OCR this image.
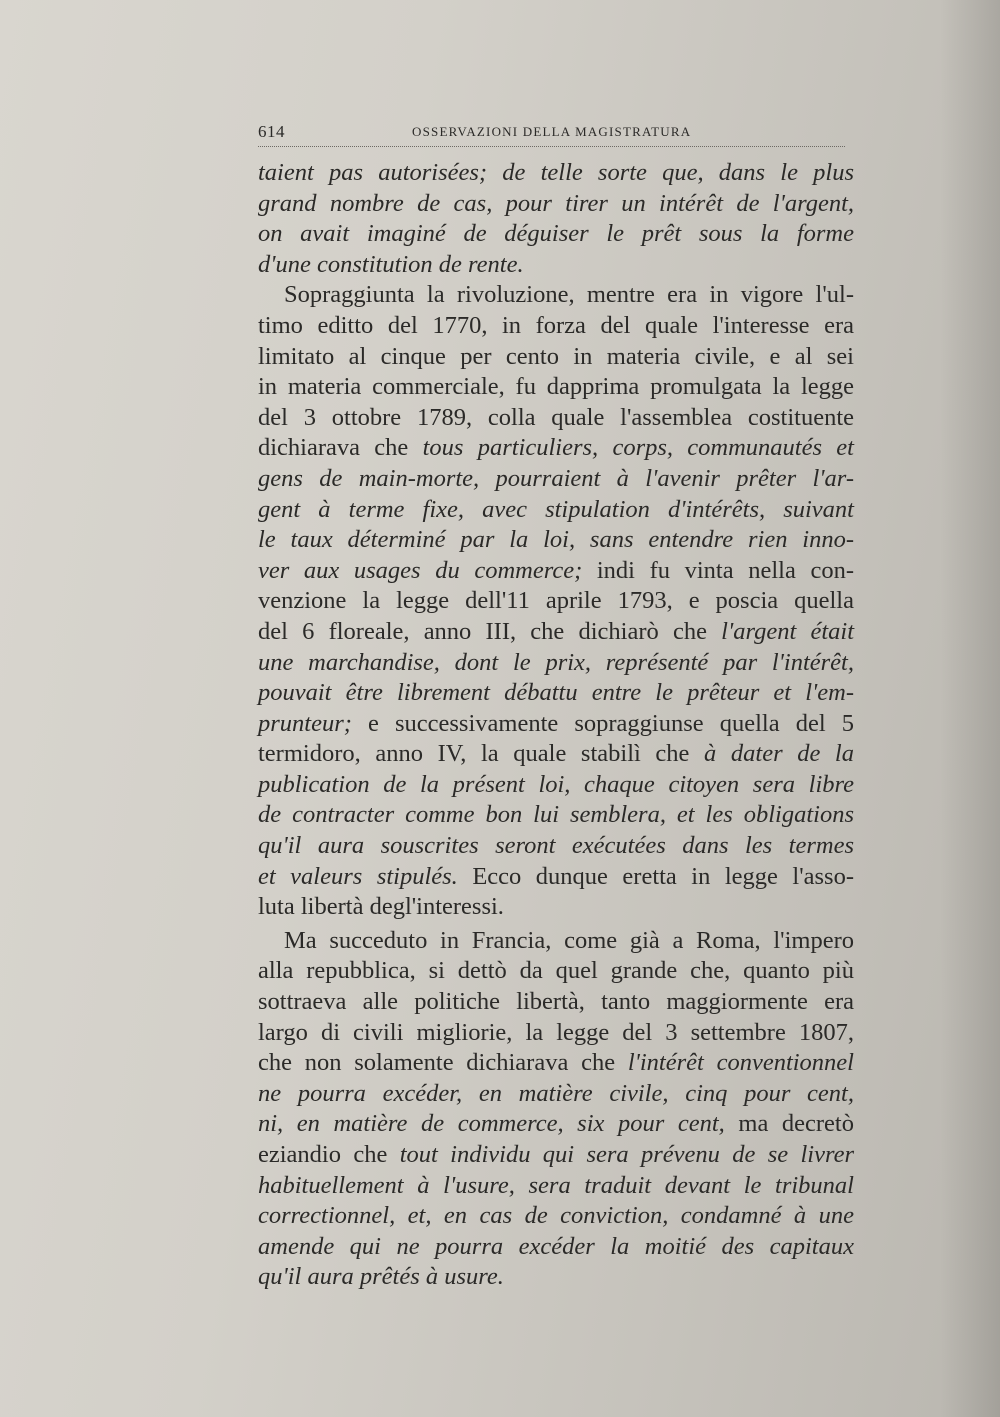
614	OSSERVAZIONI DELLA MAGISTRATURA
taient pas autorisées; de telle sorte que, dans le plus
grand nombre de cas, pour tirer un intérêt de l'argent,
on avait imaginé de déguiser le prêt sous la forme
d'une constitution de rente.
Sopraggiunta la rivoluzione, mentre era in vigore l'ul-
timo editto del 1770, in forza del quale l'interesse era
limitato al cinque per cento in materia civile, e al sei
in materia commerciale, fu dapprima promulgata la legge
del 3 ottobre 1789, colla quale l'assemblea costituente
dichiarava che tous particuliers, corps, communautés et
gens de main-morte, pourraient à l'avenir prêter l'ar-
gent à terme fixe, avec stipulation d'intérêts, suivant
le taux déterminé par la loi, sans entendre rien inno-
ver aux usages du commerce; indi fu vinta nella con-
venzione la legge dell'11 aprile 1793, e poscia quella
del 6 floreale, anno III, che dichiarò che l'argent était
une marchandise, dont le prix, représenté par l'intérêt,
pouvait être librement débattu entre le prêteur et l'em-
prunteur; e successivamente sopraggiunse quella del 5
termidoro, anno IV, la quale stabilì che à dater de la
publication de la présent loi, chaque citoyen sera libre
de contracter comme bon lui semblera, et les obligations
qu'il aura souscrites seront exécutées dans les termes
et valeurs stipulés. Ecco dunque eretta in legge l'asso-
luta libertà degl'interessi.
Ma succeduto in Francia, come già a Roma, l'impero
alla repubblica, si dettò da quel grande che, quanto più
sottraeva alle politiche libertà, tanto maggiormente era
largo di civili migliorie, la legge del 3 settembre 1807,
che non solamente dichiarava che l'intérêt conventionnel
ne pourra excéder, en matière civile, cinq pour cent,
ni, en matière de commerce, six pour cent, ma decretò
eziandio che tout individu qui sera prévenu de se livrer
habituellement à l'usure, sera traduit devant le tribunal
correctionnel, et, en cas de conviction, condamné à une
amende qui ne pourra excéder la moitié des capitaux
qu'il aura prêtés à usure.
